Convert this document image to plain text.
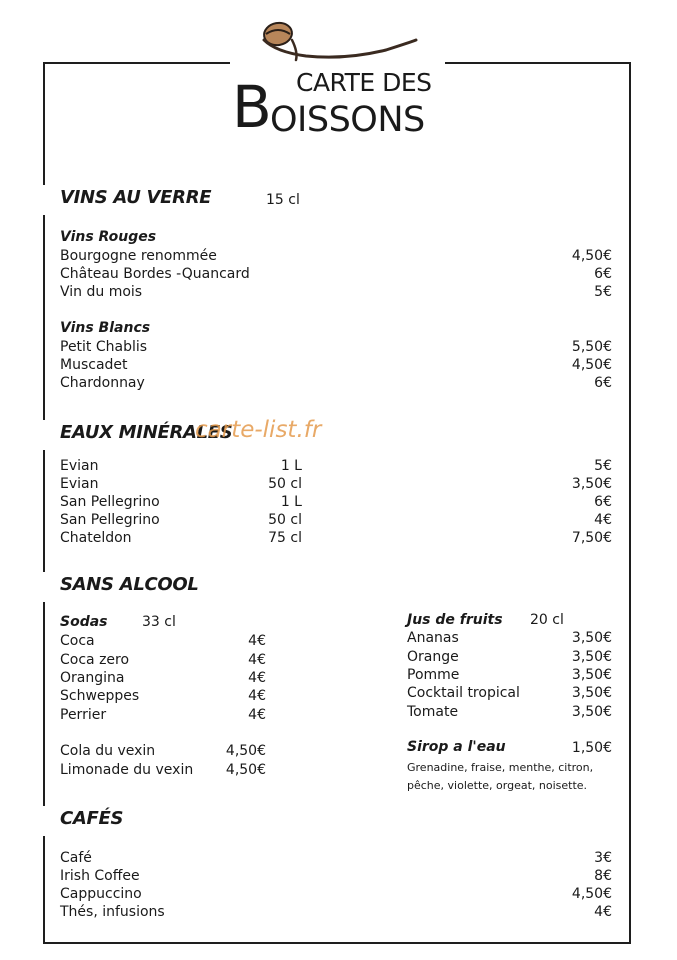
CARTE DES
B
OISSONS
VINS AU VERRE	15 cl
Vins Rouges
Bourgogne renommée	4,50€
Château Bordes -Quancard	6€
Vin du mois	5€
Vins Blancs
Petit Chablis	5,50€
Muscadet	4,50€
Chardonnay	6€
EAUX MINÉRALES
carte-list.fr
Evian	1 L	5€
Evian	50 cl	3,50€
San Pellegrino	1 L	6€
San Pellegrino	50 cl	4€
Chateldon	75 cl	7,50€
SANS ALCOOL
Sodas 33 cl
Coca	4€
Coca zero	4€
Orangina	4€
Schweppes	4€
Perrier	4€
Cola du vexin	4,50€
Limonade du vexin	4,50€
Jus de fruits 20 cl
Ananas	3,50€
Orange	3,50€
Pomme	3,50€
Cocktail tropical	3,50€
Tomate	3,50€
Sirop a l'eau	1,50€
Grenadine, fraise, menthe, citron,
pêche, violette, orgeat, noisette.
CAFÉS
Café	3€
Irish Coffee	8€
Cappuccino	4,50€
Thés, infusions	4€
